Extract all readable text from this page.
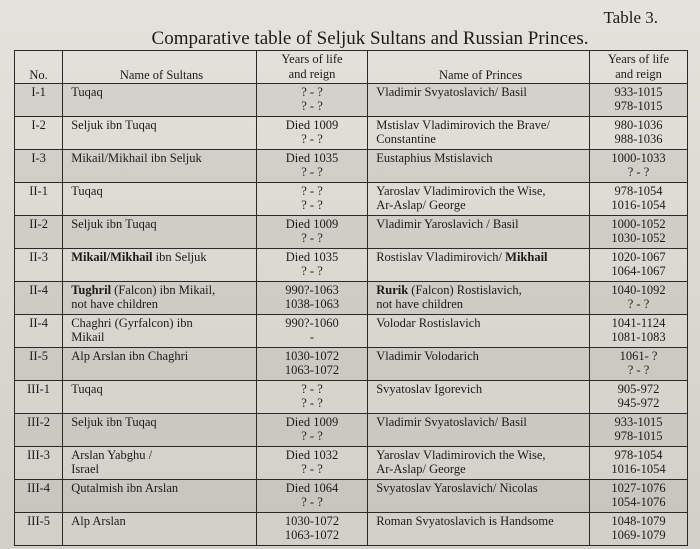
Table 3.
Comparative table of Seljuk Sultans and Russian Princes.
No.	Name of Sultans	Years of life
and reign	Name of Princes	Years of life
and reign

I-1	Tuqaq	? - ?
? - ?	Vladimir Svyatoslavich/ Basil	933-1015
978-1015

I-2	Seljuk ibn Tuqaq	Died 1009
? - ?	Mstislav Vladimirovich the Brave/
Constantine	980-1036
988-1036

I-3	Mikail/Mikhail ibn Seljuk	Died 1035
? - ?	Eustaphius Mstislavich	1000-1033
? - ?

II-1	Tuqaq	? - ?
? - ?	Yaroslav Vladimirovich the Wise,
Ar-Aslap/ George	978-1054
1016-1054

II-2	Seljuk ibn Tuqaq	Died 1009
? - ?	Vladimir Yaroslavich / Basil	1000-1052
1030-1052

II-3	Mikail/Mikhail ibn Seljuk	Died 1035
? - ?	Rostislav Vladimirovich/ Mikhail	1020-1067
1064-1067

II-4	Tughril (Falcon) ibn Mikail,
not have children	990?-1063
1038-1063	Rurik (Falcon) Rostislavich,
not have children	1040-1092
? - ?

II-4	Chaghri (Gyrfalcon) ibn
Mikail	990?-1060
-	Volodar Rostislavich	1041-1124
1081-1083

II-5	Alp Arslan ibn Chaghri	1030-1072
1063-1072	Vladimir Volodarich	1061- ?
? - ?

III-1	Tuqaq	? - ?
? - ?	Svyatoslav Igorevich	905-972
945-972

III-2	Seljuk ibn Tuqaq	Died 1009
? - ?	Vladimir Svyatoslavich/ Basil	933-1015
978-1015

III-3	Arslan Yabghu /
Israel	Died 1032
? - ?	Yaroslav Vladimirovich the Wise,
Ar-Aslap/ George	978-1054
1016-1054

III-4	Qutalmish ibn Arslan	Died 1064
? - ?	Svyatoslav Yaroslavich/ Nicolas	1027-1076
1054-1076

III-5	Alp Arslan	1030-1072
1063-1072	Roman Svyatoslavich is Handsome	1048-1079
1069-1079
